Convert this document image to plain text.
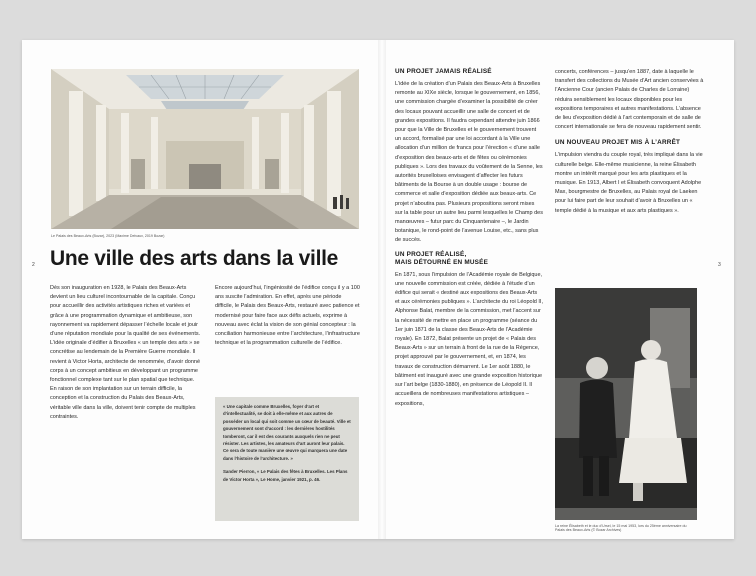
Le Palais des Beaux-Arts (Bozar), 2023 (Maxime Delvaux, 2019 Bozar)
2 Une ville des arts dans la ville

Dès son inauguration en 1928, le Palais des Beaux-Arts devient un lieu culturel incontournable de la capitale. Conçu pour accueillir des activités artistiques riches et variées et grâce à une programmation dynamique et ambitieuse, son rayonnement va rapidement dépasser l’échelle locale et jouir d’une réputation mondiale pour la qualité de ses événements.

L’idée originale d’édifier à Bruxelles « un temple des arts » se concrétise au lendemain de la Première Guerre mondiale. Il revient à Victor Horta, architecte de renommée, d’avoir donné corps à un concept ambitieux en développant un programme fonctionnel complexe tant sur le plan spatial que technique. En raison de son implantation sur un terrain difficile, la conception et la construction du Palais des Beaux-Arts, véritable ville dans la ville, doivent tenir compte de multiples contraintes.

Encore aujourd’hui, l’ingéniosité de l’édifice conçu il y a 100 ans suscite l’admiration. En effet, après une période difficile, le Palais des Beaux-Arts, restauré avec patience et modernisé pour faire face aux défis actuels, exprime à nouveau avec éclat la vision de son génial concepteur : la conciliation harmonieuse entre l’architecture, l’infrastructure technique et la programmation culturelle de l’édifice.

« Une capitale comme Bruxelles, foyer d’art et d’intellectualité, se doit à elle-même et aux autres de posséder un local qui soit comme un cœur de beauté. Ville et gouvernement sont d’accord : les dernières hostilités tomberont, car il est des courants auxquels rien ne peut résister. Les artistes, les amateurs d’art auront leur palais. Ce sera de toute manière une œuvre qui marquera une date dans l’histoire de l’architecture. »
Sander Pierron, « Le Palais des fêtes à Bruxelles. Les Plans de Victor Horta », Le Home, janvier 1921, p. 46.
3
UN PROJET JAMAIS RÉALISÉ

L’idée de la création d’un Palais des Beaux-Arts à Bruxelles remonte au XIXe siècle, lorsque le gouvernement, en 1856, une commission chargée d’examiner la possibilité de créer des locaux pouvant accueillir une salle de concert et de grandes expositions. Il faudra cependant attendre juin 1866 pour que la Ville de Bruxelles et le gouvernement trouvent un accord, formalisé par une loi accordant à la Ville une allocation d’un million de francs pour l’érection « d’une salle d’exposition des beaux-arts et de fêtes ou cérémonies publiques ». Lors des travaux du voûtement de la Senne, les autorités bruxelloises envisagent d’affecter les futurs bâtiments de la Bourse à un double usage : bourse de commerce et salle d’exposition dédiée aux beaux-arts. Ce projet n’aboutira pas. Plusieurs propositions seront mises sur la table pour un autre lieu parmi lesquelles le Champ des manœuvres – futur parc du Cinquantenaire –, le Jardin botanique, le rond-point de l’avenue Louise, etc., sans plus de succès.

UN PROJET RÉALISÉ,
MAIS DÉTOURNÉ EN MUSÉE

En 1871, sous l’impulsion de l’Académie royale de Belgique, une nouvelle commission est créée, dédiée à l’étude d’un édifice qui serait « destiné aux expositions des Beaux-Arts et aux cérémonies publiques ». L’architecte du roi Léopold II, Alphonse Balat, membre de la commission, met l’accent sur la nécessité de mettre en place un programme (séance du 1er juin 1871 de la classe des Beaux-Arts de l’Académie royale). En 1872, Balat présente un projet de « Palais des Beaux-Arts » sur un terrain à front de la rue de la Régence, projet approuvé par le gouvernement, et, en 1874, les travaux de construction démarrent. Le 1er août 1880, le bâtiment est inauguré avec une grande exposition historique sur l’art belge (1830-1880), en présence de Léopold II. Il accueillera de nombreuses manifestations artistiques – expositions,

concerts, conférences – jusqu’en 1887, date à laquelle le transfert des collections du Musée d’Art ancien conservées à l’Ancienne Cour (ancien Palais de Charles de Lorraine) réduira sensiblement les locaux disponibles pour les expositions temporaires et autres manifestations. L’absence de lieu d’exposition dédié à l’art contemporain et de salle de concert internationale se fera de nouveau rapidement sentir.

UN NOUVEAU PROJET MIS À L’ARRÊT

L’impulsion viendra du couple royal, très impliqué dans la vie culturelle belge. Elle-même musicienne, la reine Élisabeth montre un intérêt marqué pour les arts plastiques et la musique. En 1913, Albert I et Élisabeth convoquent Adolphe Max, bourgmestre de Bruxelles, au Palais royal de Laeken pour lui faire part de leur souhait d’avoir à Bruxelles un « temple dédié à la musique et aux arts plastiques ».

La reine Élisabeth et le duc d’Ursel, le 15 mai 1953, lors du 25ème anniversaire du Palais des Beaux-Arts (© Bozar Archives)
